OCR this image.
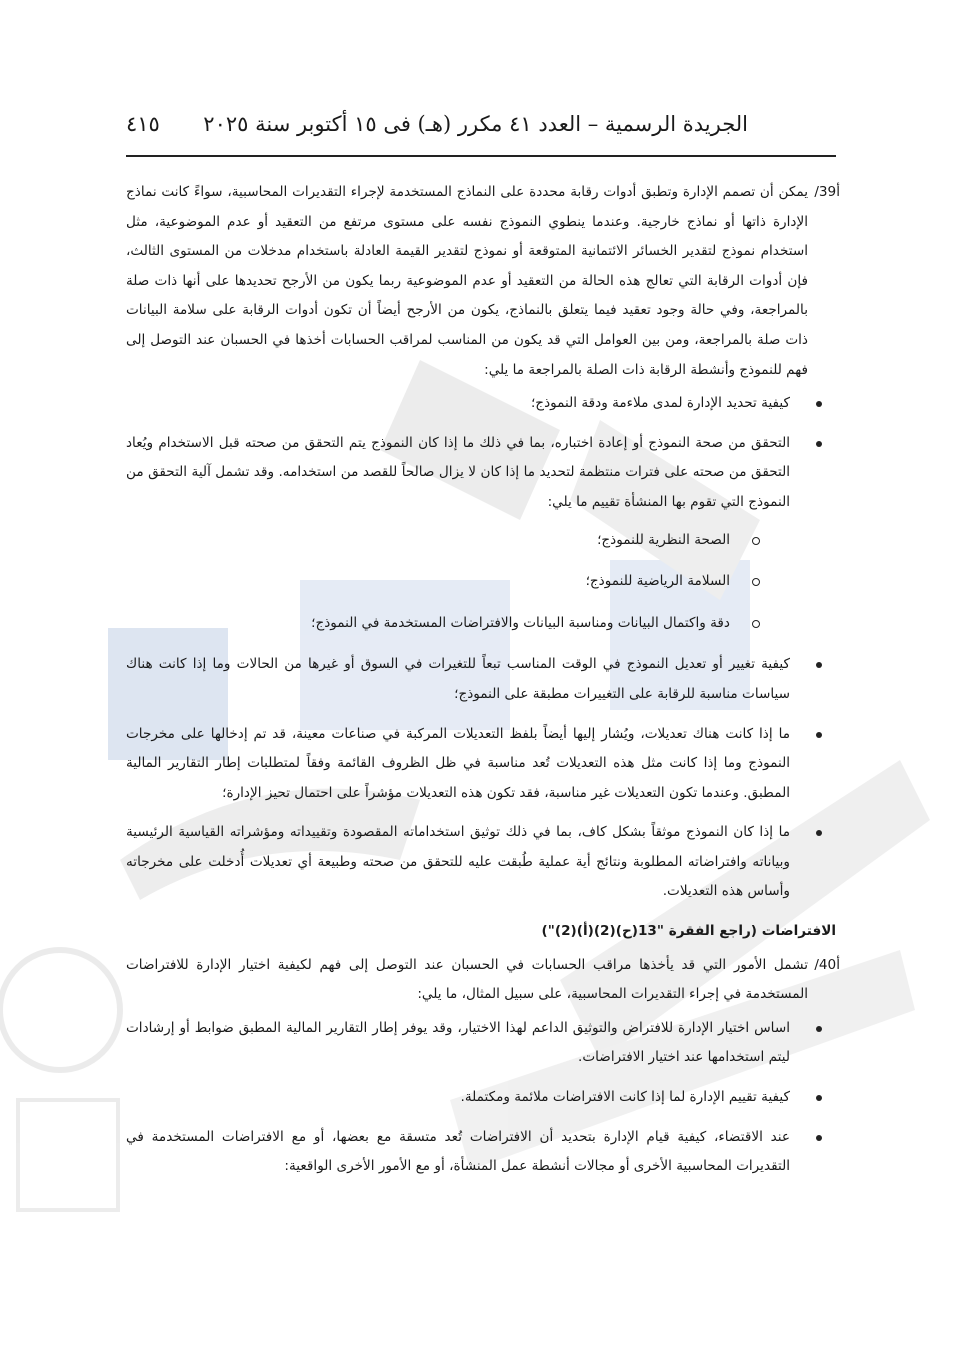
الجريدة الرسمية – العدد ٤١ مكرر (هـ) فى ١٥ أكتوبر سنة ٢٠٢٥
٤١٥

أ39/
يمكن أن تصمم الإدارة وتطبق أدوات رقابة محددة على النماذج المستخدمة لإجراء التقديرات المحاسبية، سواءً كانت نماذج الإدارة ذاتها أو نماذج خارجية. وعندما ينطوي النموذج نفسه على مستوى مرتفع من التعقيد أو عدم الموضوعية، مثل استخدام نموذج لتقدير الخسائر الائتمانية المتوقعة أو نموذج لتقدير القيمة العادلة باستخدام مدخلات من المستوى الثالث، فإن أدوات الرقابة التي تعالج هذه الحالة من التعقيد أو عدم الموضوعية ربما يكون من الأرجح تحديدها على أنها ذات صلة بالمراجعة، وفي حالة وجود تعقيد فيما يتعلق بالنماذج، يكون من الأرجح أيضاً أن تكون أدوات الرقابة على سلامة البيانات ذات صلة بالمراجعة، ومن بين العوامل التي قد يكون من المناسب لمراقب الحسابات أخذها في الحسبان عند التوصل إلى فهم للنموذج وأنشطة الرقابة ذات الصلة بالمراجعة ما يلي:

كيفية تحديد الإدارة لمدى ملاءمة ودقة النموذج؛
التحقق من صحة النموذج أو إعادة اختباره، بما في ذلك ما إذا كان النموذج يتم التحقق من صحته قبل الاستخدام ويُعاد التحقق من صحته على فترات منتظمة لتحديد ما إذا كان لا يزال صالحاً للقصد من استخدامه. وقد تشمل آلية التحقق من النموذج التي تقوم بها المنشأة تقييم ما يلي:
الصحة النظرية للنموذج؛
السلامة الرياضية للنموذج؛
دقة واكتمال البيانات ومناسبة البيانات والافتراضات المستخدمة في النموذج؛
كيفية تغيير أو تعديل النموذج في الوقت المناسب تبعاً للتغيرات في السوق أو غيرها من الحالات وما إذا كانت هناك سياسات مناسبة للرقابة على التغييرات مطبقة على النموذج؛
ما إذا كانت هناك تعديلات، ويُشار إليها أيضاً بلفظ التعديلات المركبة في صناعات معينة، قد تم إدخالها على مخرجات النموذج وما إذا كانت مثل هذه التعديلات تُعد مناسبة في ظل الظروف القائمة وفقاً لمتطلبات إطار التقارير المالية المطبق. وعندما تكون التعديلات غير مناسبة، فقد تكون هذه التعديلات مؤشراً على احتمال تحيز الإدارة؛
ما إذا كان النموذج موثقاً بشكل كاف، بما في ذلك توثيق استخداماته المقصودة وتقييداته ومؤشراته القياسية الرئيسية وبياناته وافتراضاته المطلوبة ونتائج أية عملية طُبقت عليه للتحقق من صحته وطبيعة أي تعديلات أُدخلت على مخرجاته وأساس هذه التعديلات.
الافتراضات (راجع الفقرة "13(ح)(2)(أ)(2)")

أ40/
تشمل الأمور التي قد يأخذها مراقب الحسابات في الحسبان عند التوصل إلى فهم لكيفية اختيار الإدارة للافتراضات المستخدمة في إجراء التقديرات المحاسبية، على سبيل المثال، ما يلي:

اساس اختيار الإدارة للافتراض والتوثيق الداعم لهذا الاختيار، وقد يوفر إطار التقارير المالية المطبق ضوابط أو إرشادات ليتم استخدامها عند اختيار الافتراضات.
كيفية تقييم الإدارة لما إذا كانت الافتراضات ملائمة ومكتملة.
عند الاقتضاء، كيفية قيام الإدارة بتحديد أن الافتراضات تُعد متسقة مع بعضها، أو مع الافتراضات المستخدمة في التقديرات المحاسبية الأخرى أو مجالات أنشطة عمل المنشأة، أو مع الأمور الأخرى الواقعية:
